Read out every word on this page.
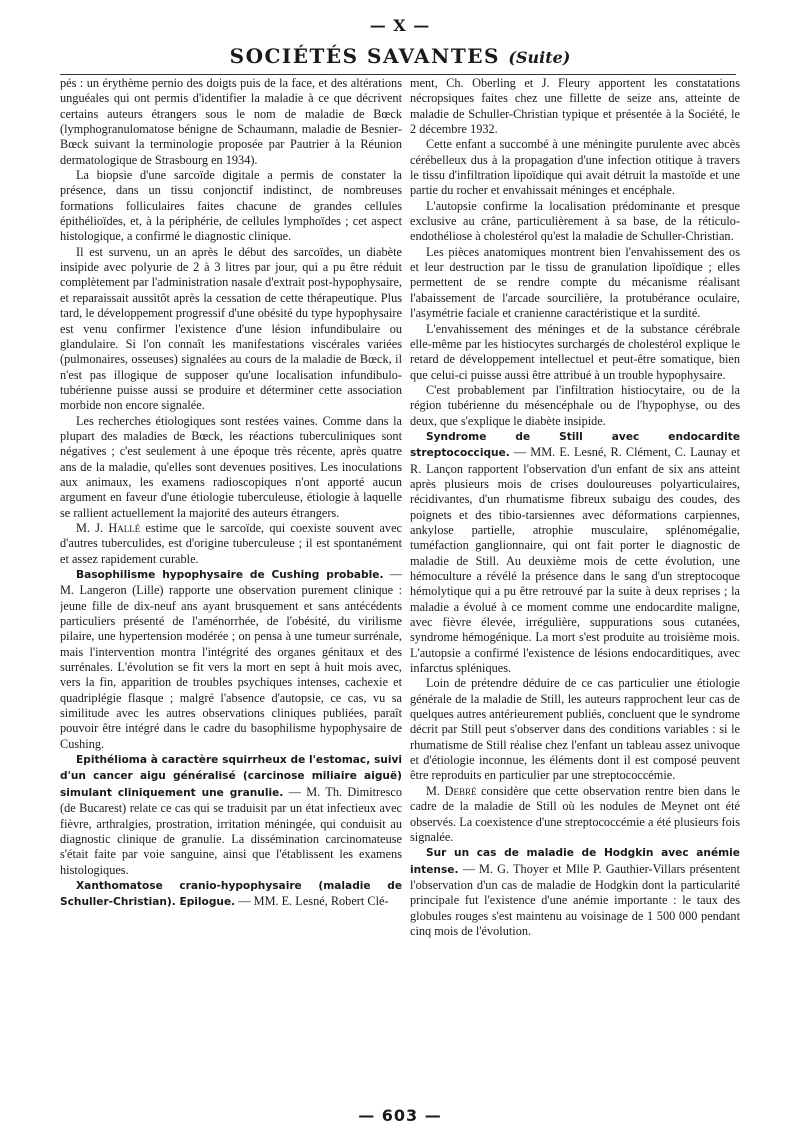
— X —
SOCIÉTÉS SAVANTES (Suite)

pés : un érythème pernio des doigts puis de la face, et des altérations unguéales qui ont permis d'identifier la maladie à ce que décrivent certains auteurs étrangers sous le nom de maladie de Bœck (lymphogranulomatose bénigne de Schaumann, maladie de Besnier-Bœck suivant la terminologie proposée par Pautrier à la Réunion dermatologique de Strasbourg en 1934).

La biopsie d'une sarcoïde digitale a permis de constater la présence, dans un tissu conjonctif indistinct, de nombreuses formations folliculaires faites chacune de grandes cellules épithélioïdes, et, à la périphérie, de cellules lymphoïdes ; cet aspect histologique, a confirmé le diagnostic clinique.

Il est survenu, un an après le début des sarcoïdes, un diabète insipide avec polyurie de 2 à 3 litres par jour, qui a pu être réduit complètement par l'administration nasale d'extrait post-hypophysaire, et reparaissait aussitôt après la cessation de cette thérapeutique. Plus tard, le développement progressif d'une obésité du type hypophysaire est venu confirmer l'existence d'une lésion infundibulaire ou glandulaire. Si l'on connaît les manifestations viscérales variées (pulmonaires, osseuses) signalées au cours de la maladie de Bœck, il n'est pas illogique de supposer qu'une localisation infundibulo-tubérienne puisse aussi se produire et déterminer cette association morbide non encore signalée.

Les recherches étiologiques sont restées vaines. Comme dans la plupart des maladies de Bœck, les réactions tuberculiniques sont négatives ; c'est seulement à une époque très récente, après quatre ans de la maladie, qu'elles sont devenues positives. Les inoculations aux animaux, les examens radioscopiques n'ont apporté aucun argument en faveur d'une étiologie tuberculeuse, étiologie à laquelle se rallient actuellement la majorité des auteurs étrangers.

M. J. Hallé estime que le sarcoïde, qui coexiste souvent avec d'autres tuberculides, est d'origine tuberculeuse ; il est spontanément et assez rapidement curable.

Basophilisme hypophysaire de Cushing probable. — M. Langeron (Lille) rapporte une observation purement clinique : jeune fille de dix-neuf ans ayant brusquement et sans antécédents particuliers présenté de l'aménorrhée, de l'obésité, du virilisme pilaire, une hypertension modérée ; on pensa à une tumeur surrénale, mais l'intervention montra l'intégrité des organes génitaux et des surrénales. L'évolution se fit vers la mort en sept à huit mois avec, vers la fin, apparition de troubles psychiques intenses, cachexie et quadriplégie flasque ; malgré l'absence d'autopsie, ce cas, vu sa similitude avec les autres observations cliniques publiées, paraît pouvoir être intégré dans le cadre du basophilisme hypophysaire de Cushing.

Epithélioma à caractère squirrheux de l'estomac, suivi d'un cancer aigu généralisé (carcinose miliaire aiguë) simulant cliniquement une granulie. — M. Th. Dimitresco (de Bucarest) relate ce cas qui se traduisit par un état infectieux avec fièvre, arthralgies, prostration, irritation méningée, qui conduisit au diagnostic clinique de granulie. La dissémination carcinomateuse s'était faite par voie sanguine, ainsi que l'établissent les examens histologiques.

Xanthomatose cranio-hypophysaire (maladie de Schuller-Christian). Epilogue. — MM. E. Lesné, Robert Clé-

ment, Ch. Oberling et J. Fleury apportent les constatations nécropsiques faites chez une fillette de seize ans, atteinte de maladie de Schuller-Christian typique et présentée à la Société, le 2 décembre 1932.

Cette enfant a succombé à une méningite purulente avec abcès cérébelleux dus à la propagation d'une infection otitique à travers le tissu d'infiltration lipoïdique qui avait détruit la mastoïde et une partie du rocher et envahissait méninges et encéphale.

L'autopsie confirme la localisation prédominante et presque exclusive au crâne, particulièrement à sa base, de la réticulo-endothéliose à cholestérol qu'est la maladie de Schuller-Christian.

Les pièces anatomiques montrent bien l'envahissement des os et leur destruction par le tissu de granulation lipoïdique ; elles permettent de se rendre compte du mécanisme réalisant l'abaissement de l'arcade sourcilière, la protubérance oculaire, l'asymétrie faciale et cranienne caractéristique et la surdité.

L'envahissement des méninges et de la substance cérébrale elle-même par les histiocytes surchargés de cholestérol explique le retard de développement intellectuel et peut-être somatique, bien que celui-ci puisse aussi être attribué à un trouble hypophysaire.

C'est probablement par l'infiltration histiocytaire, ou de la région tubérienne du mésencéphale ou de l'hypophyse, ou des deux, que s'explique le diabète insipide.

Syndrome de Still avec endocardite streptococcique. — MM. E. Lesné, R. Clément, C. Launay et R. Lançon rapportent l'observation d'un enfant de six ans atteint après plusieurs mois de crises douloureuses polyarticulaires, récidivantes, d'un rhumatisme fibreux subaigu des coudes, des poignets et des tibio-tarsiennes avec déformations carpiennes, ankylose partielle, atrophie musculaire, splénomégalie, tuméfaction ganglionnaire, qui ont fait porter le diagnostic de maladie de Still. Au deuxième mois de cette évolution, une hémoculture a révélé la présence dans le sang d'un streptocoque hémolytique qui a pu être retrouvé par la suite à deux reprises ; la maladie a évolué à ce moment comme une endocardite maligne, avec fièvre élevée, irrégulière, suppurations sous cutanées, syndrome hémogénique. La mort s'est produite au troisième mois. L'autopsie a confirmé l'existence de lésions endocarditiques, avec infarctus spléniques.

Loin de prétendre déduire de ce cas particulier une étiologie générale de la maladie de Still, les auteurs rapprochent leur cas de quelques autres antérieurement publiés, concluent que le syndrome décrit par Still peut s'observer dans des conditions variables : si le rhumatisme de Still réalise chez l'enfant un tableau assez univoque et d'étiologie inconnue, les éléments dont il est composé peuvent être reproduits en particulier par une streptococcémie.

M. Debré considère que cette observation rentre bien dans le cadre de la maladie de Still où les nodules de Meynet ont été observés. La coexistence d'une streptococcémie a été plusieurs fois signalée.

Sur un cas de maladie de Hodgkin avec anémie intense. — M. G. Thoyer et Mlle P. Gauthier-Villars présentent l'observation d'un cas de maladie de Hodgkin dont la particularité principale fut l'existence d'une anémie importante : le taux des globules rouges s'est maintenu au voisinage de 1 500 000 pendant cinq mois de l'évolution.

— 603 —
